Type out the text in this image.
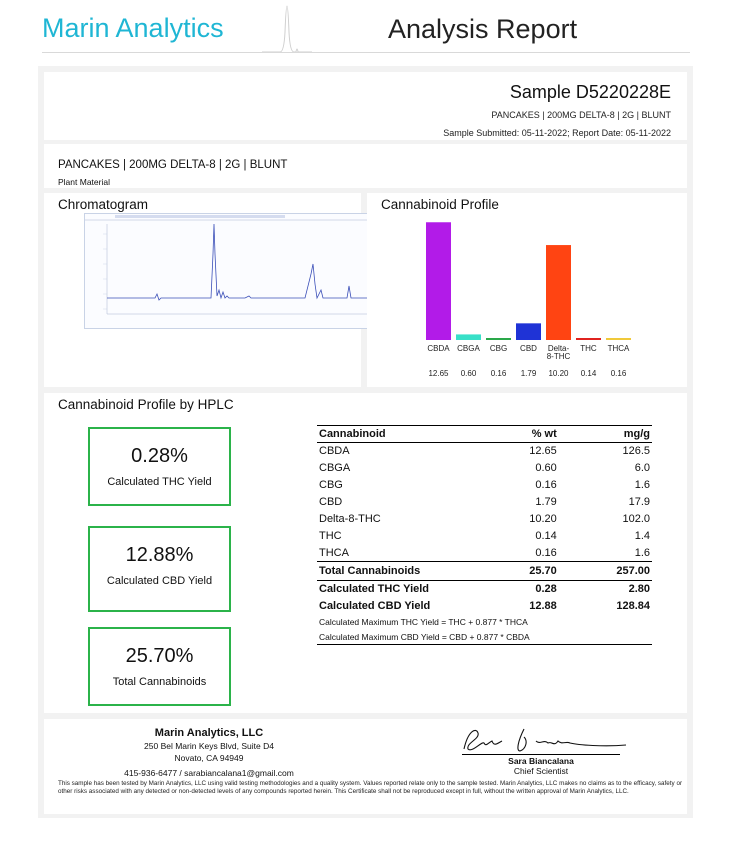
Marin Analytics	Analysis Report
Sample D5220228E
PANCAKES | 200MG DELTA-8 | 2G | BLUNT
Sample Submitted: 05-11-2022; Report Date: 05-11-2022
PANCAKES | 200MG DELTA-8 | 2G | BLUNT
Plant Material
Chromatogram	Cannabinoid Profile
CBDA
12.65
CBGA
0.60
CBG
0.16
CBD
1.79
Delta-8-THC
10.20
THC
0.14
THCA
0.16
Cannabinoid Profile by HPLC
0.28%
Calculated THC Yield
12.88%
Calculated CBD Yield
25.70%
Total Cannabinoids
Cannabinoid	% wt	mg/g
CBDA	12.65	126.5
CBGA	0.60	6.0
CBG	0.16	1.6
CBD	1.79	17.9
Delta-8-THC	10.20	102.0
THC	0.14	1.4
THCA	0.16	1.6
Total Cannabinoids	25.70	257.00
Calculated THC Yield	0.28	2.80
Calculated CBD Yield	12.88	128.84
Calculated Maximum THC Yield = THC + 0.877 * THCA		
Calculated Maximum CBD Yield = CBD + 0.877 * CBDA		
Marin Analytics, LLC
250 Bel Marin Keys Blvd, Suite D4
Novato, CA 94949
415-936-6477 / sarabiancalana1@gmail.com
Sara Biancalana
Chief Scientist
This sample has been tested by Marin Analytics, LLC using valid testing methodologies and a quality system. Values reported relate only to the sample tested. Marin Analytics, LLC makes no claims as to the efficacy, safety or other risks associated with any detected or non-detected levels of any compounds reported herein. This Certificate shall not be reproduced except in full, without the written approval of Marin Analytics, LLC.
